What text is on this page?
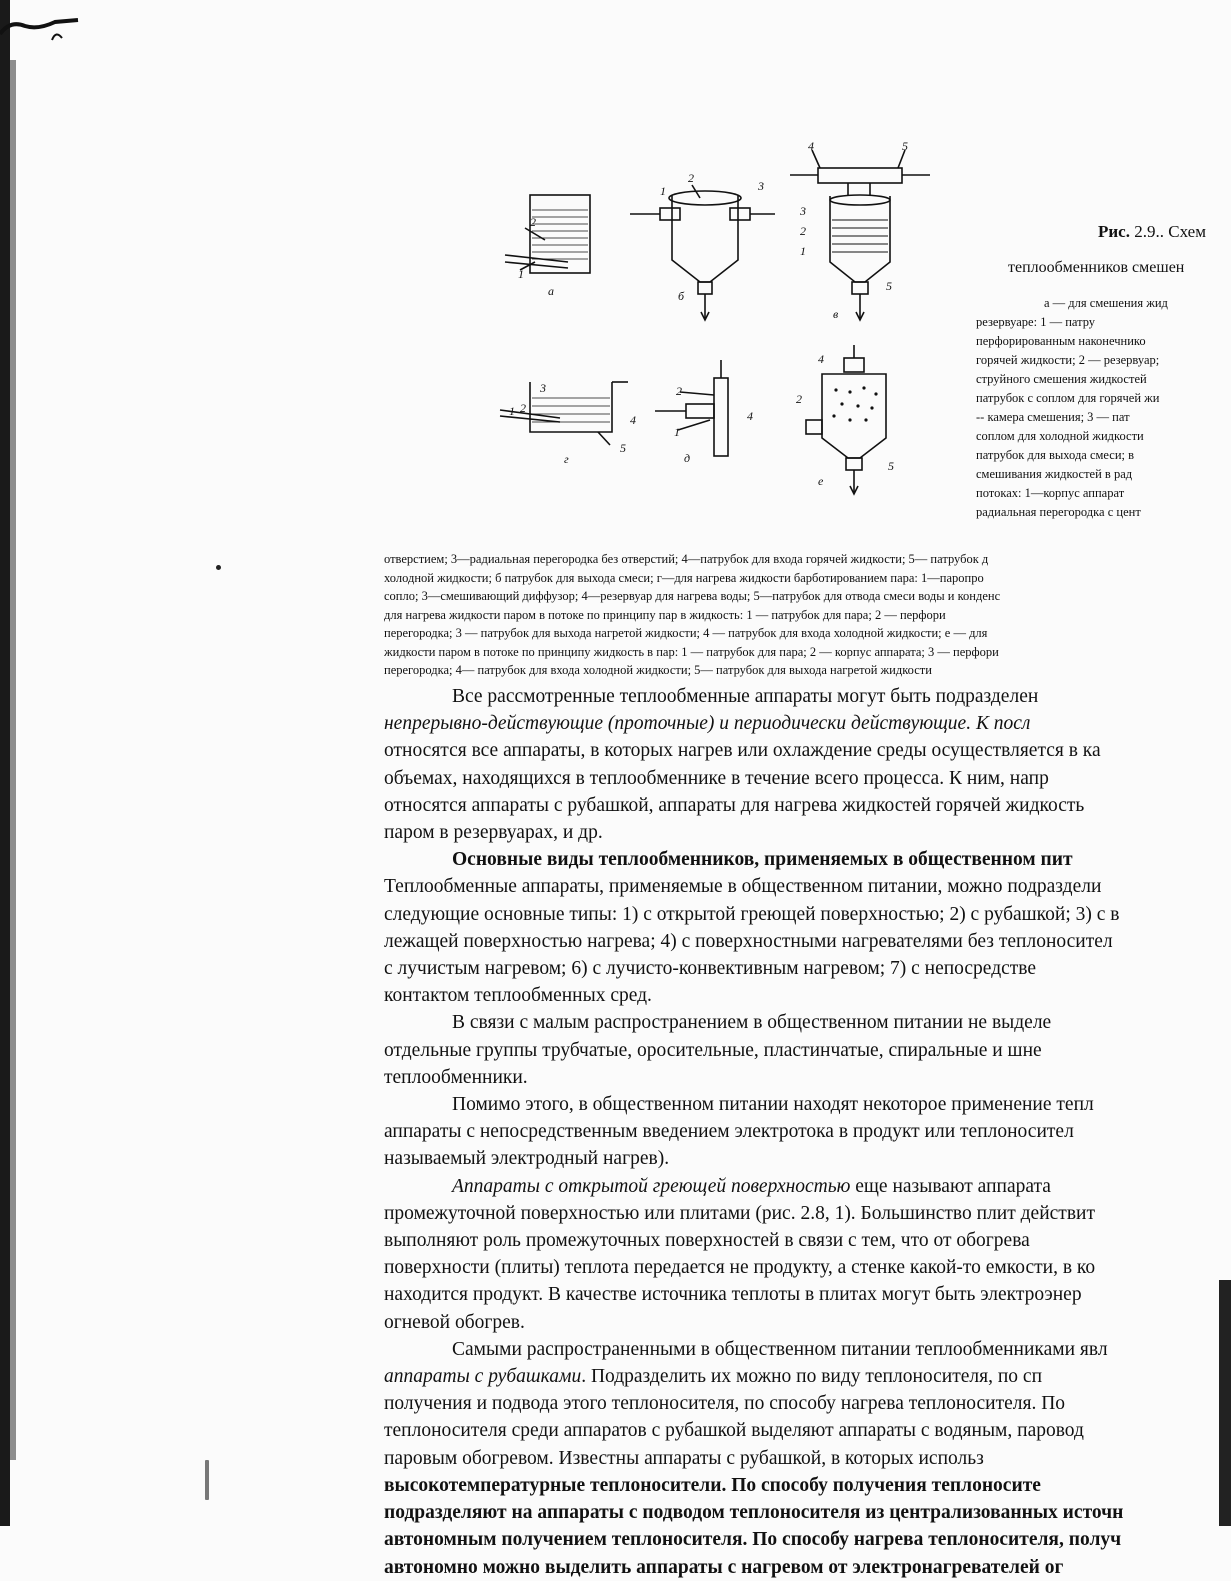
а	б
в
г	д
е
2
1
1
2
3
4	5
3
2
1
5
1 2
3
4
5
2
1
4
4
2
5
Рис. 2.9.. Схем
теплообменников смешен

а — для смешения жид

резервуаре: 1 — патру
перфорированным наконечнико
горячей жидкости; 2 — резервуар;
струйного смешения жидкостей
патрубок с соплом для горячей жи
-- камера смешения; 3 — пат
соплом для холодной жидкости
патрубок для выхода смеси; в
смешивания жидкостей в рад
потоках: 1—корпус аппарат
радиальная перегородка с цент
отверстием; 3—радиальная перегородка без отверстий; 4—патрубок для входа горячей жидкости; 5— патрубок д
холодной жидкости; б патрубок для выхода смеси; г—для нагрева жидкости барботированием пара: 1—паропро
сопло; 3—смешивающий диффузор; 4—резервуар для нагрева воды; 5—патрубок для отвода смеси воды и конденс
для нагрева жидкости паром в потоке по принципу пар в жидкость: 1 — патрубок для пара; 2 — перфори
перегородка; 3 — патрубок для выхода нагретой жидкости; 4 — патрубок для входа холодной жидкости; е — для
жидкости паром в потоке по принципу жидкость в пар: 1 — патрубок для пара; 2 — корпус аппарата; 3 — перфори
перегородка; 4— патрубок для входа холодной жидкости; 5— патрубок для выхода нагретой жидкости
Все рассмотренные теплообменные аппараты могут быть подразделен
непрерывно-действующие (проточные) и периодически действующие. К посл
относятся все аппараты, в которых нагрев или охлаждение среды осуществляется в ка
объемах, находящихся в теплообменнике в течение всего процесса. К ним, напр
относятся аппараты с рубашкой, аппараты для нагрева жидкостей горячей жидкость
паром в резервуарах, и др.
Основные виды теплообменников, применяемых в общественном пит
Теплообменные аппараты, применяемые в общественном питании, можно подраздели
следующие основные типы: 1) с открытой греющей поверхностью; 2) с рубашкой; 3) с в
лежащей поверхностью нагрева; 4) с поверхностными нагревателями без теплоносител
с лучистым нагревом; 6) с лучисто-конвективным нагревом; 7) с непосредстве
контактом теплообменных сред.
В связи с малым распространением в общественном питании не выделе
отдельные группы трубчатые, оросительные, пластинчатые, спиральные и шне
теплообменники.
Помимо этого, в общественном питании находят некоторое применение тепл
аппараты с непосредственным введением электротока в продукт или теплоносител
называемый электродный нагрев).
Аппараты с открытой греющей поверхностью еще называют аппарата
промежуточной поверхностью или плитами (рис. 2.8, 1). Большинство плит действит
выполняют роль промежуточных поверхностей в связи с тем, что от обогрева
поверхности (плиты) теплота передается не продукту, а стенке какой-то емкости, в ко
находится продукт. В качестве источника теплоты в плитах могут быть электроэнер
огневой обогрев.
Самыми распространенными в общественном питании теплообменниками явл
аппараты с рубашками. Подразделить их можно по виду теплоносителя, по сп
получения и подвода этого теплоносителя, по способу нагрева теплоносителя. По
теплоносителя среди аппаратов с рубашкой выделяют аппараты с водяным, паровод
паровым обогревом. Известны аппараты с рубашкой, в которых использ
высокотемпературные теплоносители. По способу получения теплоносите
подразделяют на аппараты с подводом теплоносителя из централизованных источн
автономным получением теплоносителя. По способу нагрева теплоносителя, получ
автономно можно выделить аппараты с нагревом от электронагревателей ог
